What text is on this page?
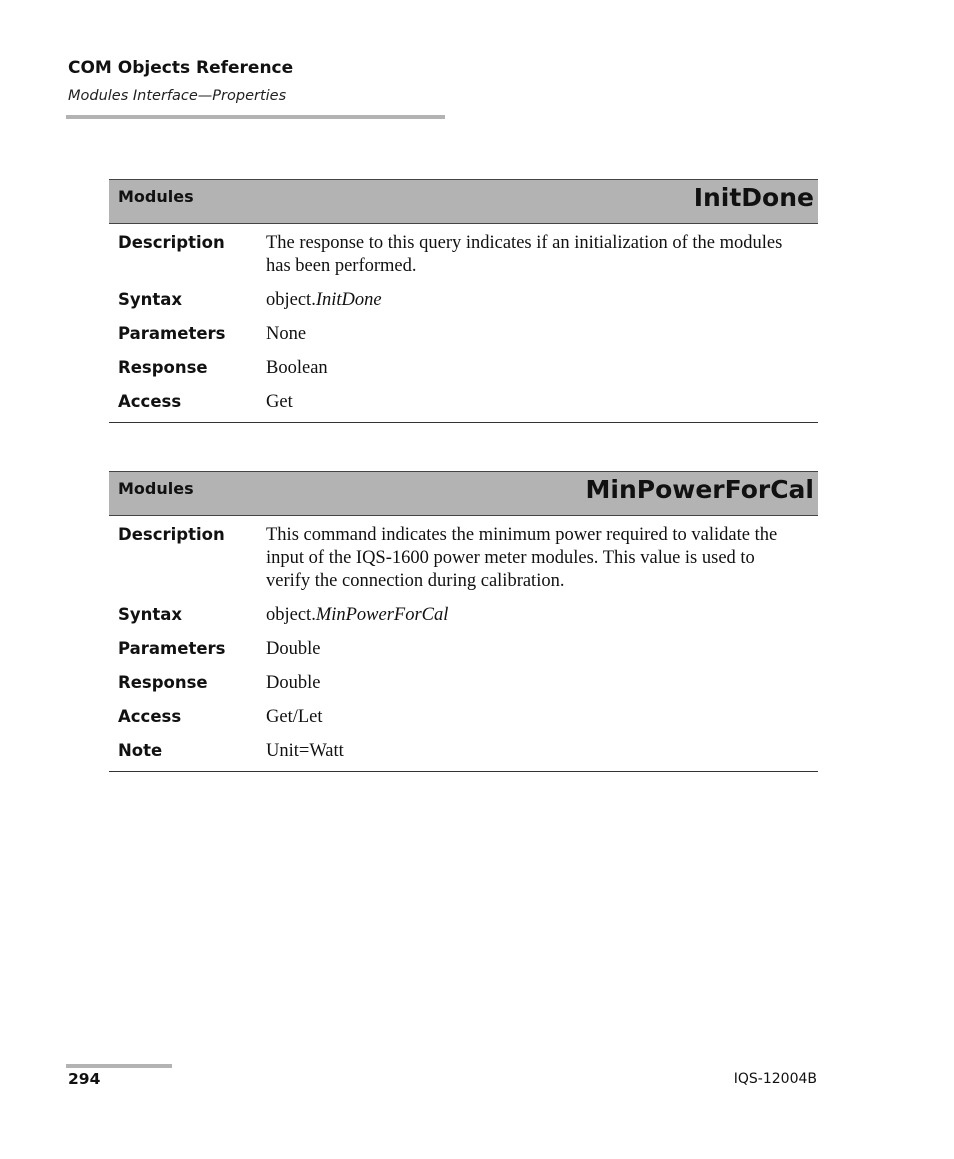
COM Objects Reference
Modules Interface—Properties
Modules	InitDone
Description	The response to this query indicates if an initialization of the modules has been performed.
Syntax	object.InitDone
Parameters	None
Response	Boolean
Access	Get
Modules	MinPowerForCal
Description	This command indicates the minimum power required to validate the input of the IQS-1600 power meter modules. This value is used to verify the connection during calibration.
Syntax	object.MinPowerForCal
Parameters	Double
Response	Double
Access	Get/Let
Note	Unit=Watt
294	IQS-12004B
